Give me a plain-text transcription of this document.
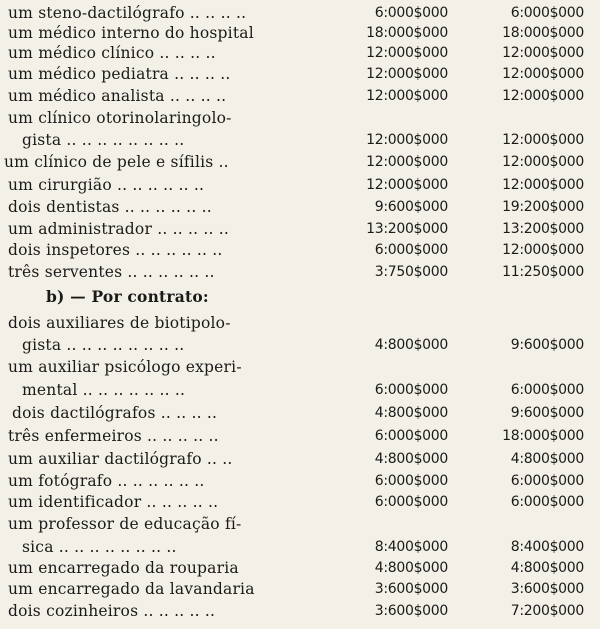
um steno-dactilógrafo .. .. .. ..	6:000$000	6:000$000
um médico interno do hospital	18:000$000	18:000$000
um médico clínico .. .. .. ..	12:000$000	12:000$000
um médico pediatra .. .. .. ..	12:000$000	12:000$000
um médico analista .. .. .. ..	12:000$000	12:000$000
um clínico otorinolaringolo-
gista .. .. .. .. .. .. .. ..	12:000$000	12:000$000
um clínico de pele e sífilis ..	12:000$000	12:000$000
um cirurgião .. .. .. .. .. ..	12:000$000	12:000$000
dois dentistas .. .. .. .. .. ..	9:600$000	19:200$000
um administrador .. .. .. .. ..	13:200$000	13:200$000
dois inspetores .. .. .. .. .. ..	6:000$000	12:000$000
três serventes .. .. .. .. .. ..	3:750$000	11:250$000
b) — Por contrato:
dois auxiliares de biotipolo-
gista .. .. .. .. .. .. .. ..	4:800$000	9:600$000
um auxiliar psicólogo experi-
mental .. .. .. .. .. .. ..	6:000$000	6:000$000
dois dactilógrafos .. .. .. ..	4:800$000	9:600$000
três enfermeiros .. .. .. .. ..	6:000$000	18:000$000
um auxiliar dactilógrafo .. ..	4:800$000	4:800$000
um fotógrafo .. .. .. .. .. ..	6:000$000	6:000$000
um identificador .. .. .. .. ..	6:000$000	6:000$000
um professor de educação fí-
sica .. .. .. .. .. .. .. ..	8:400$000	8:400$000
um encarregado da rouparia	4:800$000	4:800$000
um encarregado da lavandaria	3:600$000	3:600$000
dois cozinheiros .. .. .. .. ..	3:600$000	7:200$000
